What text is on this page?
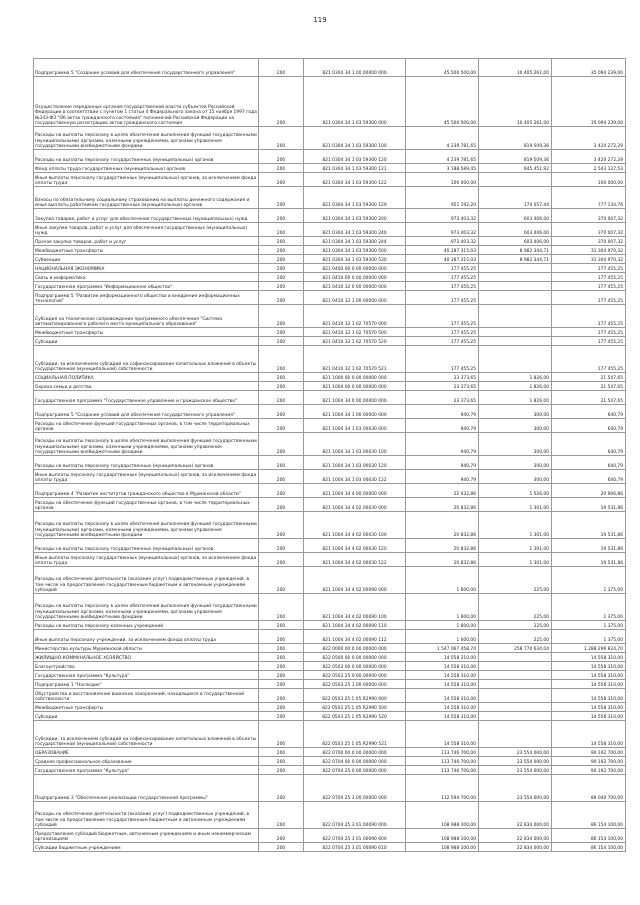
119
Подпрограмма 5 "Создание условий для обеспечения государственного управления"	200	821 0304 34 1 00 00000 000	45 500 500,00	10 405 261,00	35 094 239,00
Осуществление переданных органам государственной власти субъектов Российской Федерации в соответствии с пунктом 1 статьи 4 Федерального закона от 15 ноября 1997 года №143-ФЗ "Об актах гражданского состояния" полномочий Российской Федерации на государственную регистрацию актов гражданского состояния	200	821 0304 34 1 03 59300 000	45 500 500,00	10 405 261,00	35 094 239,00
Расходы на выплаты персоналу в целях обеспечения выполнения функций государственными (муниципальными) органами, казенными учреждениями, органами управления государственными внебюджетными фондами	200	821 0304 34 1 03 59300 100	4 239 781,65	819 509,36	3 420 272,29
Расходы на выплаты персоналу государственных (муниципальных) органов	200	821 0304 34 1 03 59300 120	4 239 781,65	819 509,36	3 420 272,29
Фонд оплаты труда государственных (муниципальных) органов	200	821 0304 34 1 03 59300 121	3 188 589,45	645 451,92	2 543 137,53
Иные выплаты персоналу государственных (муниципальных) органов, за исключением фонда оплаты труда	200	821 0304 34 1 03 59300 122	100 000,00		100 000,00
Взносы по обязательному социальному страхованию на выплаты денежного содержания и иные выплаты работникам государственных (муниципальных) органов	200	821 0304 34 1 03 59300 129	951 192,20	174 057,44	777 134,76
Закупка товаров, работ и услуг для обеспечения государственных (муниципальных) нужд	200	821 0304 34 1 03 59300 200	973 403,32	603 406,00	370 007,32
Иные закупки товаров, работ и услуг для обеспечения государственных (муниципальных) нужд	200	821 0304 34 1 03 59300 240	973 403,32	603 406,00	370 007,32
Прочая закупка товаров, работ и услуг	200	821 0304 34 1 03 59300 244	973 403,32	603 406,00	370 007,32
Межбюджетные трансферты	200	821 0304 34 1 03 59300 500	40 287 315,03	8 982 344,71	31 304 970,32
Субвенции	200	821 0304 34 1 03 59300 530	40 287 315,03	8 982 344,71	31 304 970,32
НАЦИОНАЛЬНАЯ ЭКОНОМИКА	200	821 0400 00 0 00 00000 000	177 455,25		177 455,25
Связь и информатика	200	821 0410 00 0 00 00000 000	177 455,25		177 455,25
Государственная программа "Информационное общество"	200	821 0410 32 0 00 00000 000	177 455,25		177 455,25
Подпрограмма 5 "Развитие информационного общества и внедрение информационных технологий"	200	821 0410 32 1 00 00000 000	177 455,25		177 455,25
Субсидия на техническое сопровождение программного обеспечения "Система автоматизированного рабочего места муниципального образования"	200	821 0410 32 1 02 70570 000	177 455,25		177 455,25
Межбюджетные трансферты	200	821 0410 32 1 02 70570 500	177 455,25		177 455,25
Субсидии	200	821 0410 32 1 02 70570 520	177 455,25		177 455,25
Субсидии, за исключением субсидий на софинансирование капитальных вложений в объекты государственной (муниципальной) собственности	200	821 0410 32 1 02 70570 521	177 455,25		177 455,25
СОЦИАЛЬНАЯ ПОЛИТИКА	200	821 1000 00 0 00 00000 000	23 373,65	1 826,00	21 547,65
Охрана семьи и детства	200	821 1004 00 0 00 00000 000	23 373,65	1 826,00	21 547,65
Государственная программа "Государственное управление и гражданское общество"	200	821 1004 34 0 00 00000 000	23 373,65	1 826,00	21 547,65
Подпрограмма 5 "Создание условий для обеспечения государственного управления"	200	821 1004 34 1 00 00000 000	940,79	300,00	640,79
Расходы на обеспечение функций государственных органов, в том числе территориальных органов	200	821 1004 34 1 03 00030 000	940,79	300,00	640,79
Расходы на выплаты персоналу в целях обеспечения выполнения функций государственными (муниципальными) органами, казенными учреждениями, органами управления государственными внебюджетными фондами	200	821 1004 34 1 03 00030 100	940,79	300,00	640,79
Расходы на выплаты персоналу государственных (муниципальных) органов	200	821 1004 34 1 03 00030 120	940,79	300,00	640,79
Иные выплаты персоналу государственных (муниципальных) органов, за исключением фонда оплаты труда	200	821 1004 34 1 03 00030 122	940,79	300,00	640,79
Подпрограмма 4 "Развитие институтов гражданского общества в Мурманской области"	200	821 1004 34 4 00 00000 000	22 432,86	1 526,00	20 906,86
Расходы на обеспечение функций государственных органов, в том числе территориальных органов	200	821 1004 34 4 02 00030 000	20 832,86	1 301,00	19 531,86
Расходы на выплаты персоналу в целях обеспечения выполнения функций государственными (муниципальными) органами, казенными учреждениями, органами управления государственными внебюджетными фондами	200	821 1004 34 4 02 00030 100	20 832,86	1 301,00	19 531,86
Расходы на выплаты персоналу государственных (муниципальных) органов	200	821 1004 34 4 02 00030 120	20 832,86	1 301,00	19 531,86
Иные выплаты персоналу государственных (муниципальных) органов, за исключением фонда оплаты труда	200	821 1004 34 4 02 00030 122	20 832,86	1 301,00	19 531,86
Расходы на обеспечение деятельности (оказание услуг) подведомственных учреждений, в том числе на предоставление государственным бюджетным и автономным учреждениям субсидий	200	821 1004 34 4 02 00090 000	1 600,00	225,00	1 375,00
Расходы на выплаты персоналу в целях обеспечения выполнения функций государственными (муниципальными) органами, казенными учреждениями, органами управления государственными внебюджетными фондами	200	821 1004 34 4 02 00090 100	1 600,00	225,00	1 375,00
Расходы на выплаты персоналу казенных учреждений	200	821 1004 34 4 02 00090 110	1 600,00	225,00	1 375,00
Иные выплаты персоналу учреждений, за исключением фонда оплаты труда	200	821 1004 34 4 02 00090 112	1 600,00	225,00	1 375,00
Министерство культуры Мурманской области	200	822 0000 00 0 00 00000 000	1 547 067 458,74	258 770 634,04	1 288 296 824,70
ЖИЛИЩНО-КОММУНАЛЬНОЕ ХОЗЯЙСТВО	200	822 0500 00 0 00 00000 000	14 558 310,00		14 558 310,00
Благоустройство	200	822 0503 00 0 00 00000 000	14 558 310,00		14 558 310,00
Государственная программа "Культура"	200	822 0503 25 0 00 00000 000	14 558 310,00		14 558 310,00
Подпрограмма 1 "Наследие"	200	822 0503 25 1 00 00000 000	14 558 310,00		14 558 310,00
Обустройство и восстановление воинских захоронений, находящихся в государственной собственности	200	822 0503 25 1 05 R2990 000	14 558 310,00		14 558 310,00
Межбюджетные трансферты	200	822 0503 25 1 05 R2990 500	14 558 310,00		14 558 310,00
Субсидии	200	822 0503 25 1 05 R2990 520	14 558 310,00		14 558 310,00
Субсидии, за исключением субсидий на софинансирование капитальных вложений в объекты государственной (муниципальной) собственности	200	822 0503 25 1 05 R2990 521	14 558 310,00		14 558 310,00
ОБРАЗОВАНИЕ	200	822 0700 00 0 00 00000 000	113 746 700,00	23 554 000,00	90 192 700,00
Среднее профессиональное образование	200	822 0704 00 0 00 00000 000	113 746 700,00	23 554 000,00	90 192 700,00
Государственная программа "Культура"	200	822 0704 25 0 00 00000 000	113 746 700,00	23 554 000,00	90 192 700,00
Подпрограмма 3 "Обеспечение реализации государственной программы"	200	822 0704 25 3 00 00000 000	112 594 700,00	23 554 000,00	89 040 700,00
Расходы на обеспечение деятельности (оказание услуг) подведомственных учреждений, в том числе на предоставление государственным бюджетным и автономным учреждениям субсидий	200	822 0704 25 3 01 00090 000	108 988 100,00	22 834 000,00	86 154 100,00
Предоставление субсидий бюджетным, автономным учреждениям и иным некоммерческим организациям	200	822 0704 25 3 01 00090 600	108 988 100,00	22 834 000,00	86 154 100,00
Субсидии бюджетным учреждениям	200	822 0704 25 3 01 00090 610	108 988 100,00	22 834 000,00	86 154 100,00
